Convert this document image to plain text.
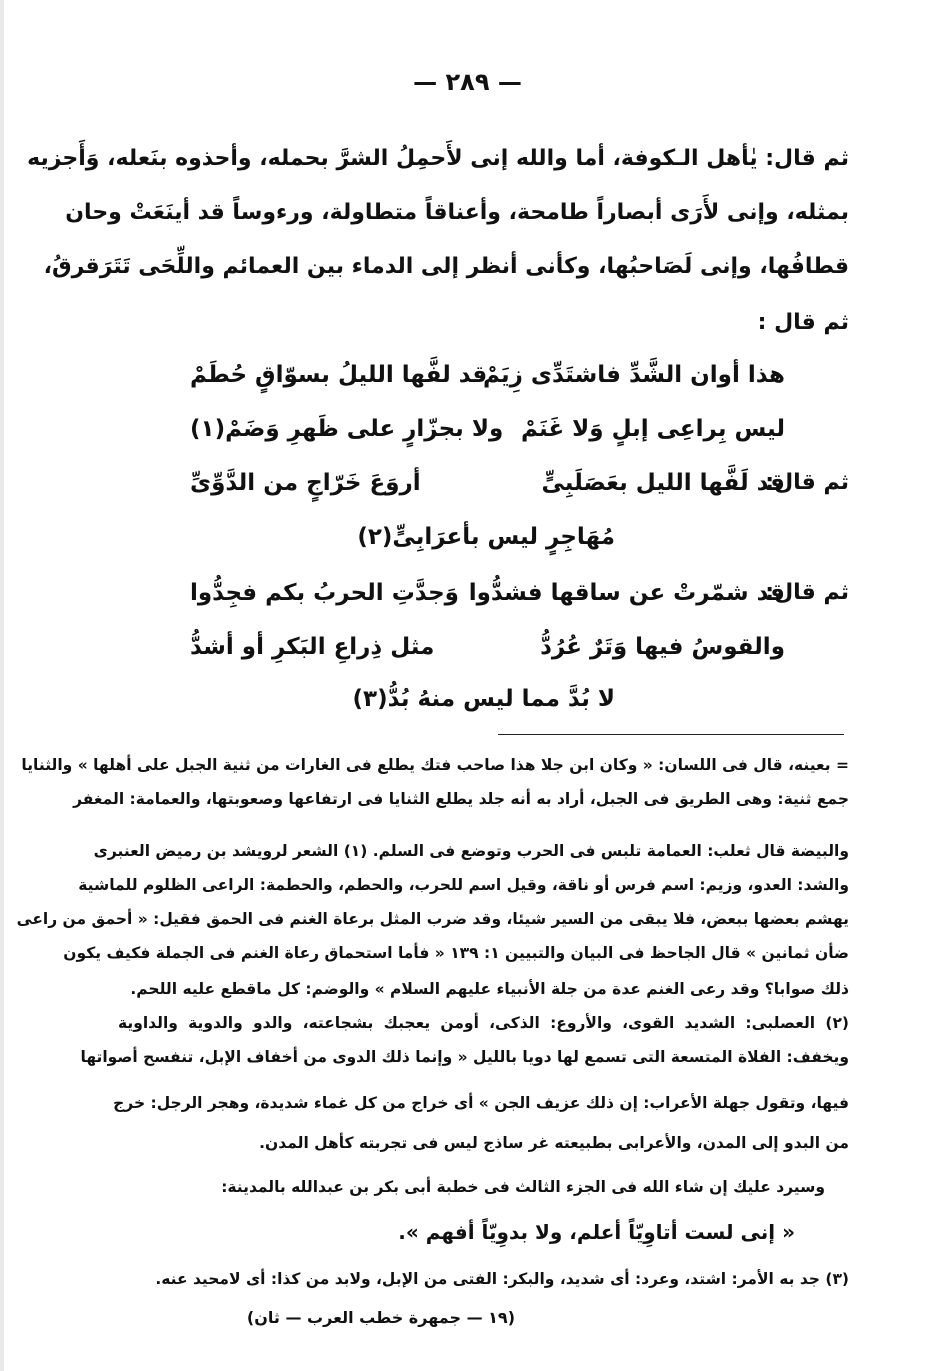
— ٢٨٩ —
ثم قال: يٰأهل الـكوفة، أما والله إنى لأَحمِلُ الشرَّ بحمله، وأحذوه بنَعله، وَأَجزيه
بمثله، وإنى لأَرَى أبصاراً طامحة، وأعناقاً متطاولة، ورءوساً قد أينَعَتْ وحان
قطافُها، وإنى لَصَاحبُها، وكأنى أنظر إلى الدماء بين العمائم واللِّحَى تَتَرَقرقُ،
ثم قال :
هذا أوان الشَّدِّ فاشتَدِّى زِيَمْ
قد لفَّها الليلُ بسوّاقٍ حُطَمْ
ليس بِراعِى إبلٍ وَلا غَنَمْ
ولا بجزّارٍ على ظَهرِ وَضَمْ(١)
ثم قال:
قد لَفَّها الليل بعَصَلَبِىٍّ
أروَعَ خَرّاجٍ من الدَّوِّىِّ
مُهَاجِرٍ ليس بأعرَابِىٍّ(٢)
ثم قال:
قد شمّرتْ عن ساقها فشدُّوا
وَجدَّتِ الحربُ بكم فجِدُّوا
والقوسُ فيها وَتَرٌ عُرُدُّ
مثل ذِراعِ البَكرِ أو أشدُّ
لا بُدَّ مما ليس منهُ بُدُّ(٣)
= بعينه، قال فى اللسان: « وكان ابن جلا هذا صاحب فتك يطلع فى الغارات من ثنية الجبل على أهلها » والثنايا
جمع ثنية: وهى الطريق فى الجبل، أراد به أنه جلد يطلع الثنايا فى ارتفاعها وصعوبتها، والعمامة: المغفر
والبيضة قال ثعلب: العمامة تلبس فى الحرب وتوضع فى السلم. (١) الشعر لرويشد بن رميض العنبرى
والشد: العدو، وزيم: اسم فرس أو ناقة، وقيل اسم للحرب، والحطم، والحطمة: الراعى الظلوم للماشية
يهشم بعضها ببعض، فلا يبقى من السير شيئا، وقد ضرب المثل برعاة الغنم فى الحمق فقيل: « أحمق من راعى
ضأن ثمانين » قال الجاحظ فى البيان والتبيين ١: ١٣٩ « فأما استحماق رعاة الغنم فى الجملة فكيف يكون
ذلك صوابا؟ وقد رعى الغنم عدة من جلة الأنبياء عليهم السلام » والوضم: كل ماقطع عليه اللحم.
(٢) العصلبى: الشديد القوى، والأروع: الذكى، أومن يعجبك بشجاعته، والدو والدوية والداوية
ويخفف: الفلاة المتسعة التى تسمع لها دويا بالليل « وإنما ذلك الدوى من أخفاف الإبل، تنفسح أصواتها
فيها، وتقول جهلة الأعراب: إن ذلك عزيف الجن » أى خراج من كل غماء شديدة، وهجر الرجل: خرج
من البدو إلى المدن، والأعرابى بطبيعته غر ساذج ليس فى تجربته كأهل المدن.
وسيرد عليك إن شاء الله فى الجزء الثالث فى خطبة أبى بكر بن عبدالله بالمدينة:
« إنى لست أتاوِيّاً أعلم، ولا بدوِيّاً أفهم ».
(٣) جد به الأمر: اشتد، وعرد: أى شديد، والبكر: الفتى من الإبل، ولابد من كذا: أى لامحيد عنه.
(١٩ — جمهرة خطب العرب — ثان)
